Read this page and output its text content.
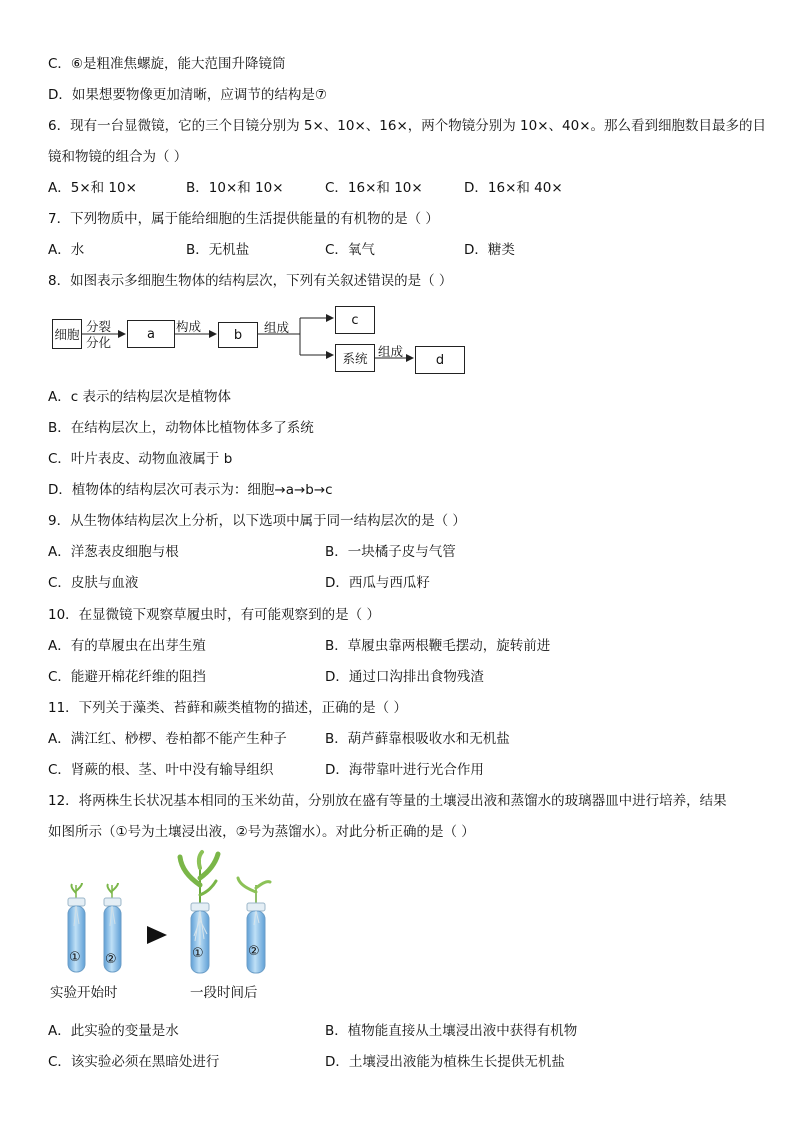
C．⑥是粗准焦螺旋，能大范围升降镜筒
D．如果想要物像更加清晰，应调节的结构是⑦
6．现有一台显微镜，它的三个目镜分别为 5×、10×、16×，两个物镜分别为 10×、40×。那么看到细胞数目最多的目
镜和物镜的组合为（ ）
A．5×和 10×	B．10×和 10×	C．16×和 10×	D．16×和 40×
7．下列物质中，属于能给细胞的生活提供能量的有机物的是（ ）
A．水	B．无机盐	C．氧气	D．糖类
8．如图表示多细胞生物体的结构层次，下列有关叙述错误的是（ ）
细胞
分裂
分化
a	构成
b	组成	c
系统 组成
d
A．c 表示的结构层次是植物体
B．在结构层次上，动物体比植物体多了系统
C．叶片表皮、动物血液属于 b
D．植物体的结构层次可表示为：细胞→a→b→c
9．从生物体结构层次上分析，以下选项中属于同一结构层次的是（ ）
A．洋葱表皮细胞与根	B．一块橘子皮与气管
C．皮肤与血液	D．西瓜与西瓜籽
10．在显微镜下观察草履虫时，有可能观察到的是（ ）
A．有的草履虫在出芽生殖	B．草履虫靠两根鞭毛摆动，旋转前进
C．能避开棉花纤维的阻挡	D．通过口沟排出食物残渣
11．下列关于藻类、苔藓和蕨类植物的描述，正确的是（ ）
A．满江红、桫椤、卷柏都不能产生种子	B．葫芦藓靠根吸收水和无机盐
C．肾蕨的根、茎、叶中没有输导组织	D．海带靠叶进行光合作用
12．将两株生长状况基本相同的玉米幼苗，分别放在盛有等量的土壤浸出液和蒸馏水的玻璃器皿中进行培养，结果
如图所示（①号为土壤浸出液，②号为蒸馏水）。对此分析正确的是（ ）
① ②	①	②
实验开始时	一段时间后
A．此实验的变量是水	B．植物能直接从土壤浸出液中获得有机物
C．该实验必须在黑暗处进行	D．土壤浸出液能为植株生长提供无机盐
